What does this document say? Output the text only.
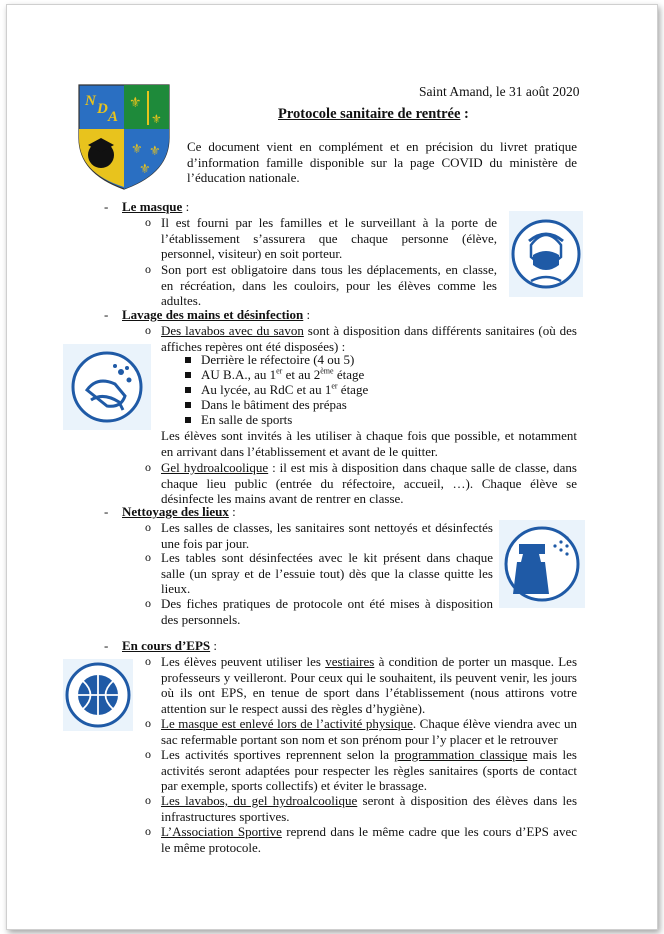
N D A
⚜
⚜
⚜ ⚜
⚜
Saint Amand, le 31 août 2020
Protocole sanitaire de rentrée :
Ce document vient en complément et en précision du livret pratique d’information famille disponible sur la page COVID du ministère de l’éducation nationale.
- Le masque :
o Il est fourni par les familles et le surveillant à la porte de l’établissement s’assurera que chaque personne (élève, personnel, visiteur) en soit porteur.
o Son port est obligatoire dans tous les déplacements, en classe, en récréation, dans les couloirs, pour les élèves comme les adultes.
- Lavage des mains et désinfection :
o Des lavabos avec du savon sont à disposition dans différents sanitaires (où des affiches repères ont été disposées) :
Derrière le réfectoire (4 ou 5)
AU B.A., au 1er et au 2ème étage
Au lycée, au RdC et au 1er étage
Dans le bâtiment des prépas
En salle de sports
Les élèves sont invités à les utiliser à chaque fois que possible, et notamment en arrivant dans l’établissement et avant de le quitter.
o Gel hydroalcoolique : il est mis à disposition dans chaque salle de classe, dans chaque lieu public (entrée du réfectoire, accueil, …). Chaque élève se désinfecte les mains avant de rentrer en classe.
- Nettoyage des lieux :
o Les salles de classes, les sanitaires sont nettoyés et désinfectés une fois par jour.
o Les tables sont désinfectées avec le kit présent dans chaque salle (un spray et de l’essuie tout) dès que la classe quitte les lieux.
o Des fiches pratiques de protocole ont été mises à disposition des personnels.
- En cours d’EPS :
o Les élèves peuvent utiliser les vestiaires à condition de porter un masque. Les professeurs y veilleront. Pour ceux qui le souhaitent, ils peuvent venir, les jours où ils ont EPS, en tenue de sport dans l’établissement (nous attirons votre attention sur le respect aussi des règles d’hygiène).
o Le masque est enlevé lors de l’activité physique. Chaque élève viendra avec un sac refermable portant son nom et son prénom pour l’y placer et le retrouver
o Les activités sportives reprennent selon la programmation classique mais les activités seront adaptées pour respecter les règles sanitaires (sports de contact par exemple, sports collectifs) et éviter le brassage.
o Les lavabos, du gel hydroalcoolique seront à disposition des élèves dans les infrastructures sportives.
o L’Association Sportive reprend dans le même cadre que les cours d’EPS avec le même protocole.
